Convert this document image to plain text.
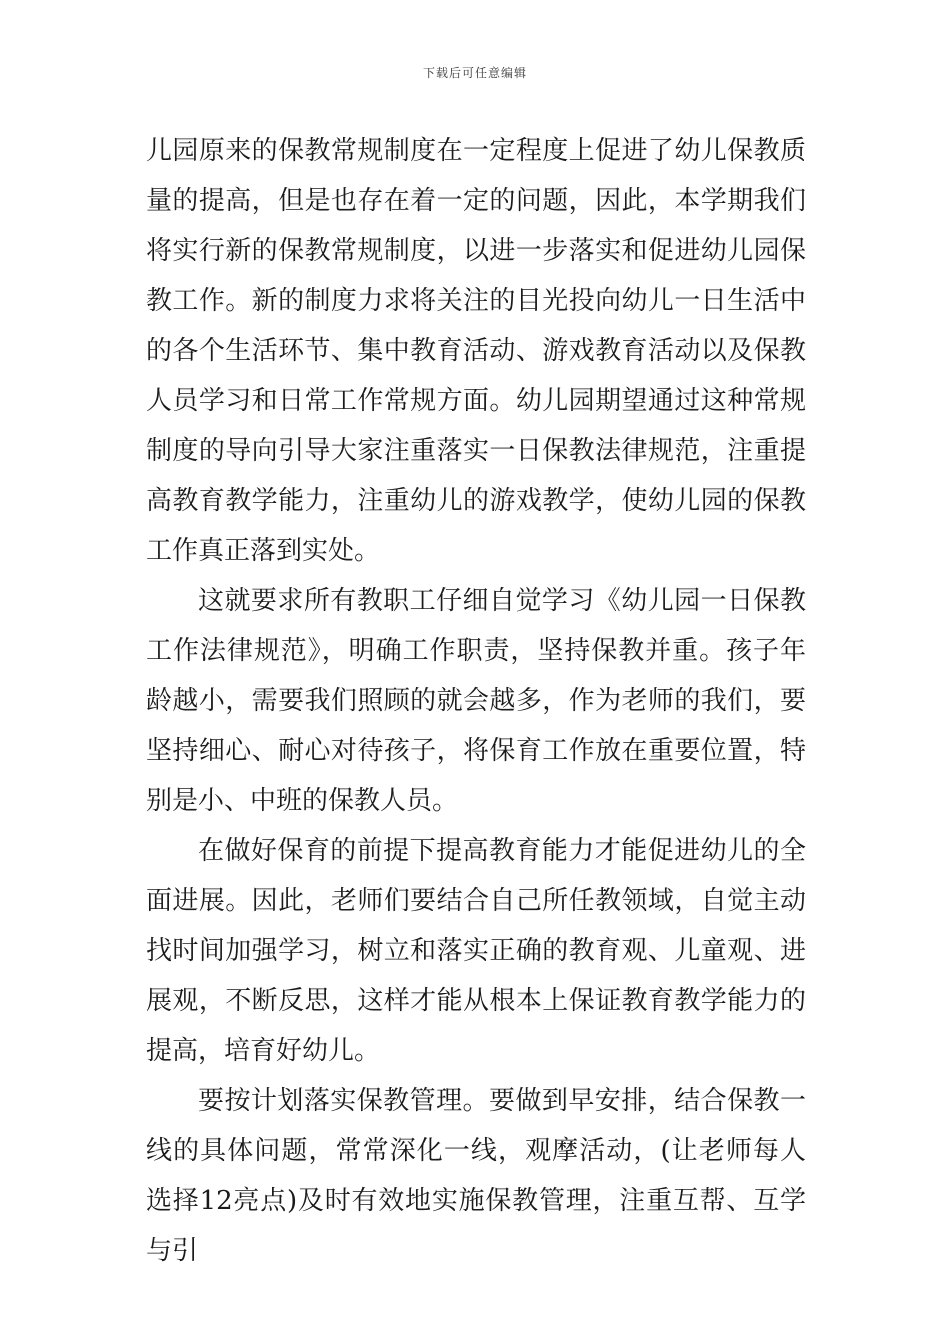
下载后可任意编辑

儿园原来的保教常规制度在一定程度上促进了幼儿保教质量的提高，但是也存在着一定的问题，因此，本学期我们将实行新的保教常规制度，以进一步落实和促进幼儿园保教工作。新的制度力求将关注的目光投向幼儿一日生活中的各个生活环节、集中教育活动、游戏教育活动以及保教人员学习和日常工作常规方面。幼儿园期望通过这种常规制度的导向引导大家注重落实一日保教法律规范，注重提高教育教学能力，注重幼儿的游戏教学，使幼儿园的保教工作真正落到实处。

这就要求所有教职工仔细自觉学习《幼儿园一日保教工作法律规范》，明确工作职责，坚持保教并重。孩子年龄越小，需要我们照顾的就会越多，作为老师的我们，要坚持细心、耐心对待孩子，将保育工作放在重要位置，特别是小、中班的保教人员。

在做好保育的前提下提高教育能力才能促进幼儿的全面进展。因此，老师们要结合自己所任教领域，自觉主动找时间加强学习，树立和落实正确的教育观、儿童观、进展观，不断反思，这样才能从根本上保证教育教学能力的提高，培育好幼儿。

要按计划落实保教管理。要做到早安排，结合保教一线的具体问题，常常深化一线，观摩活动，(让老师每人选择12亮点)及时有效地实施保教管理，注重互帮、互学与引
